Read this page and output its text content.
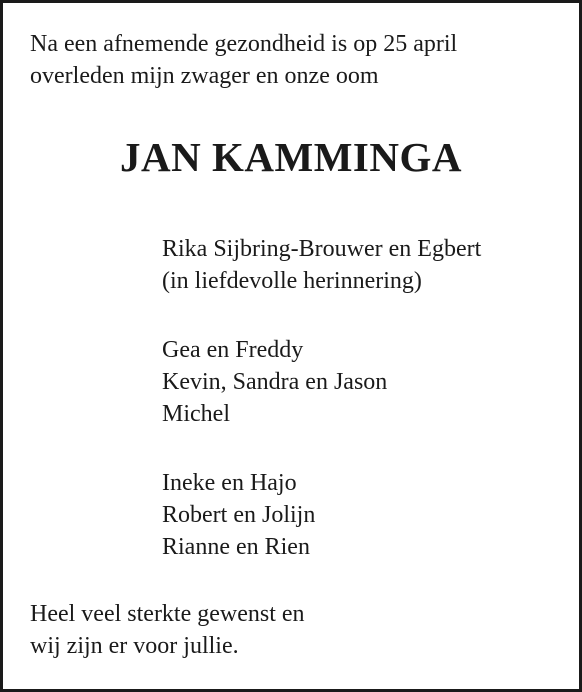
Na een afnemende gezondheid is op 25 april
overleden mijn zwager en onze oom

JAN KAMMINGA

Rika Sijbring-Brouwer en Egbert
(in liefdevolle herinnering)

Gea en Freddy
Kevin, Sandra en Jason
Michel

Ineke en Hajo
Robert en Jolijn
Rianne en Rien

Heel veel sterkte gewenst en
wij zijn er voor jullie.
